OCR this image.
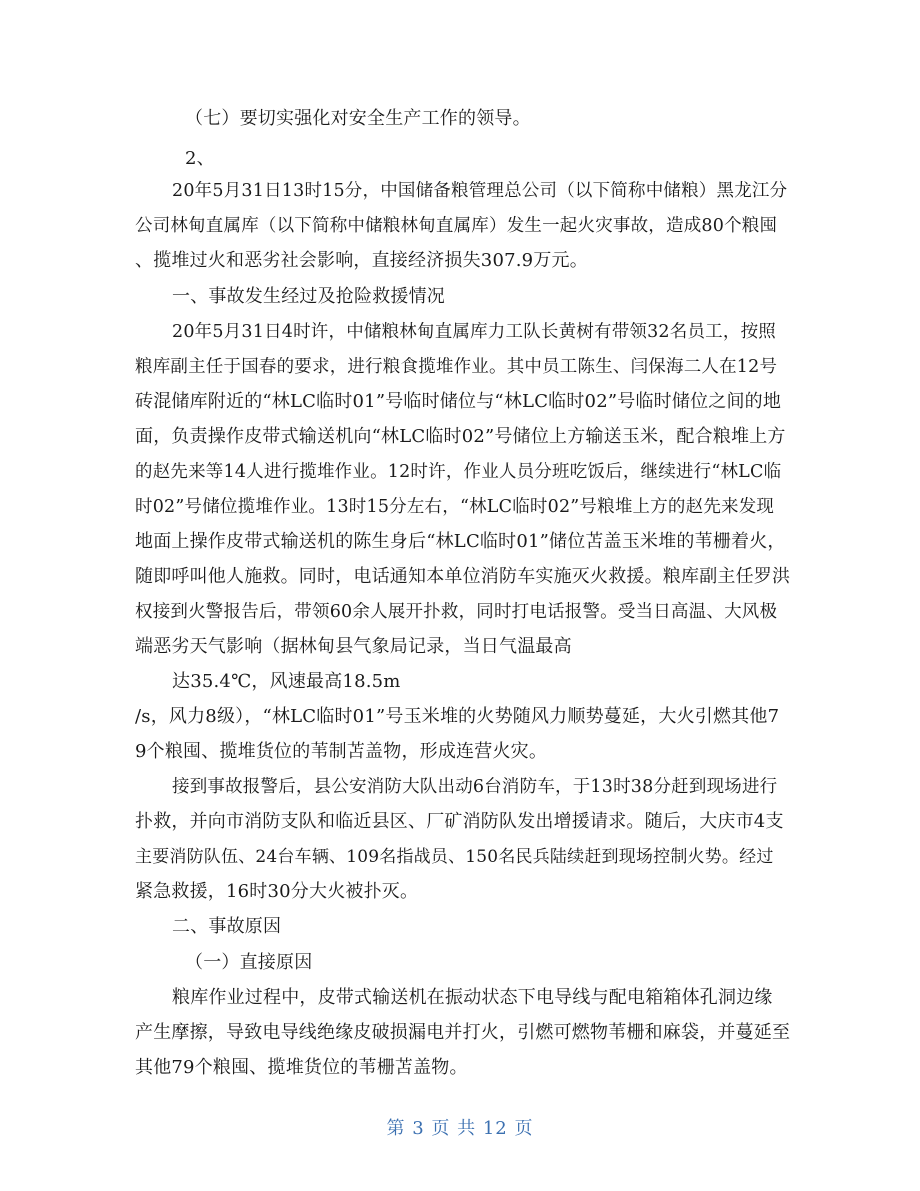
（七）要切实强化对安全生产工作的领导。
2、
20年5月31日13时15分，中国储备粮管理总公司（以下简称中储粮）黑龙江分
公司林甸直属库（以下简称中储粮林甸直属库）发生一起火灾事故，造成80个粮囤
、揽堆过火和恶劣社会影响，直接经济损失307.9万元。
一、事故发生经过及抢险救援情况
20年5月31日4时许，中储粮林甸直属库力工队长黄树有带领32名员工，按照
粮库副主任于国春的要求，进行粮食揽堆作业。其中员工陈生、闫保海二人在12号
砖混储库附近的“林LC临时01”号临时储位与“林LC临时02”号临时储位之间的地
面，负责操作皮带式输送机向“林LC临时02”号储位上方输送玉米，配合粮堆上方
的赵先来等14人进行揽堆作业。12时许，作业人员分班吃饭后，继续进行“林LC临
时02”号储位揽堆作业。13时15分左右，“林LC临时02”号粮堆上方的赵先来发现
地面上操作皮带式输送机的陈生身后“林LC临时01”储位苫盖玉米堆的苇栅着火，
随即呼叫他人施救。同时，电话通知本单位消防车实施灭火救援。粮库副主任罗洪
权接到火警报告后，带领60余人展开扑救，同时打电话报警。受当日高温、大风极
端恶劣天气影响（据林甸县气象局记录，当日气温最高
达35.4℃，风速最高18.5m
/s，风力8级），“林LC临时01”号玉米堆的火势随风力顺势蔓延，大火引燃其他7
9个粮囤、揽堆货位的苇制苫盖物，形成连营火灾。
接到事故报警后，县公安消防大队出动6台消防车，于13时38分赶到现场进行
扑救，并向市消防支队和临近县区、厂矿消防队发出增援请求。随后，大庆市4支
主要消防队伍、24台车辆、109名指战员、150名民兵陆续赶到现场控制火势。经过
紧急救援，16时30分大火被扑灭。
二、事故原因
（一）直接原因
粮库作业过程中，皮带式输送机在振动状态下电导线与配电箱箱体孔洞边缘
产生摩擦，导致电导线绝缘皮破损漏电并打火，引燃可燃物苇栅和麻袋，并蔓延至
其他79个粮囤、揽堆货位的苇栅苫盖物。
第 3 页 共 12 页
